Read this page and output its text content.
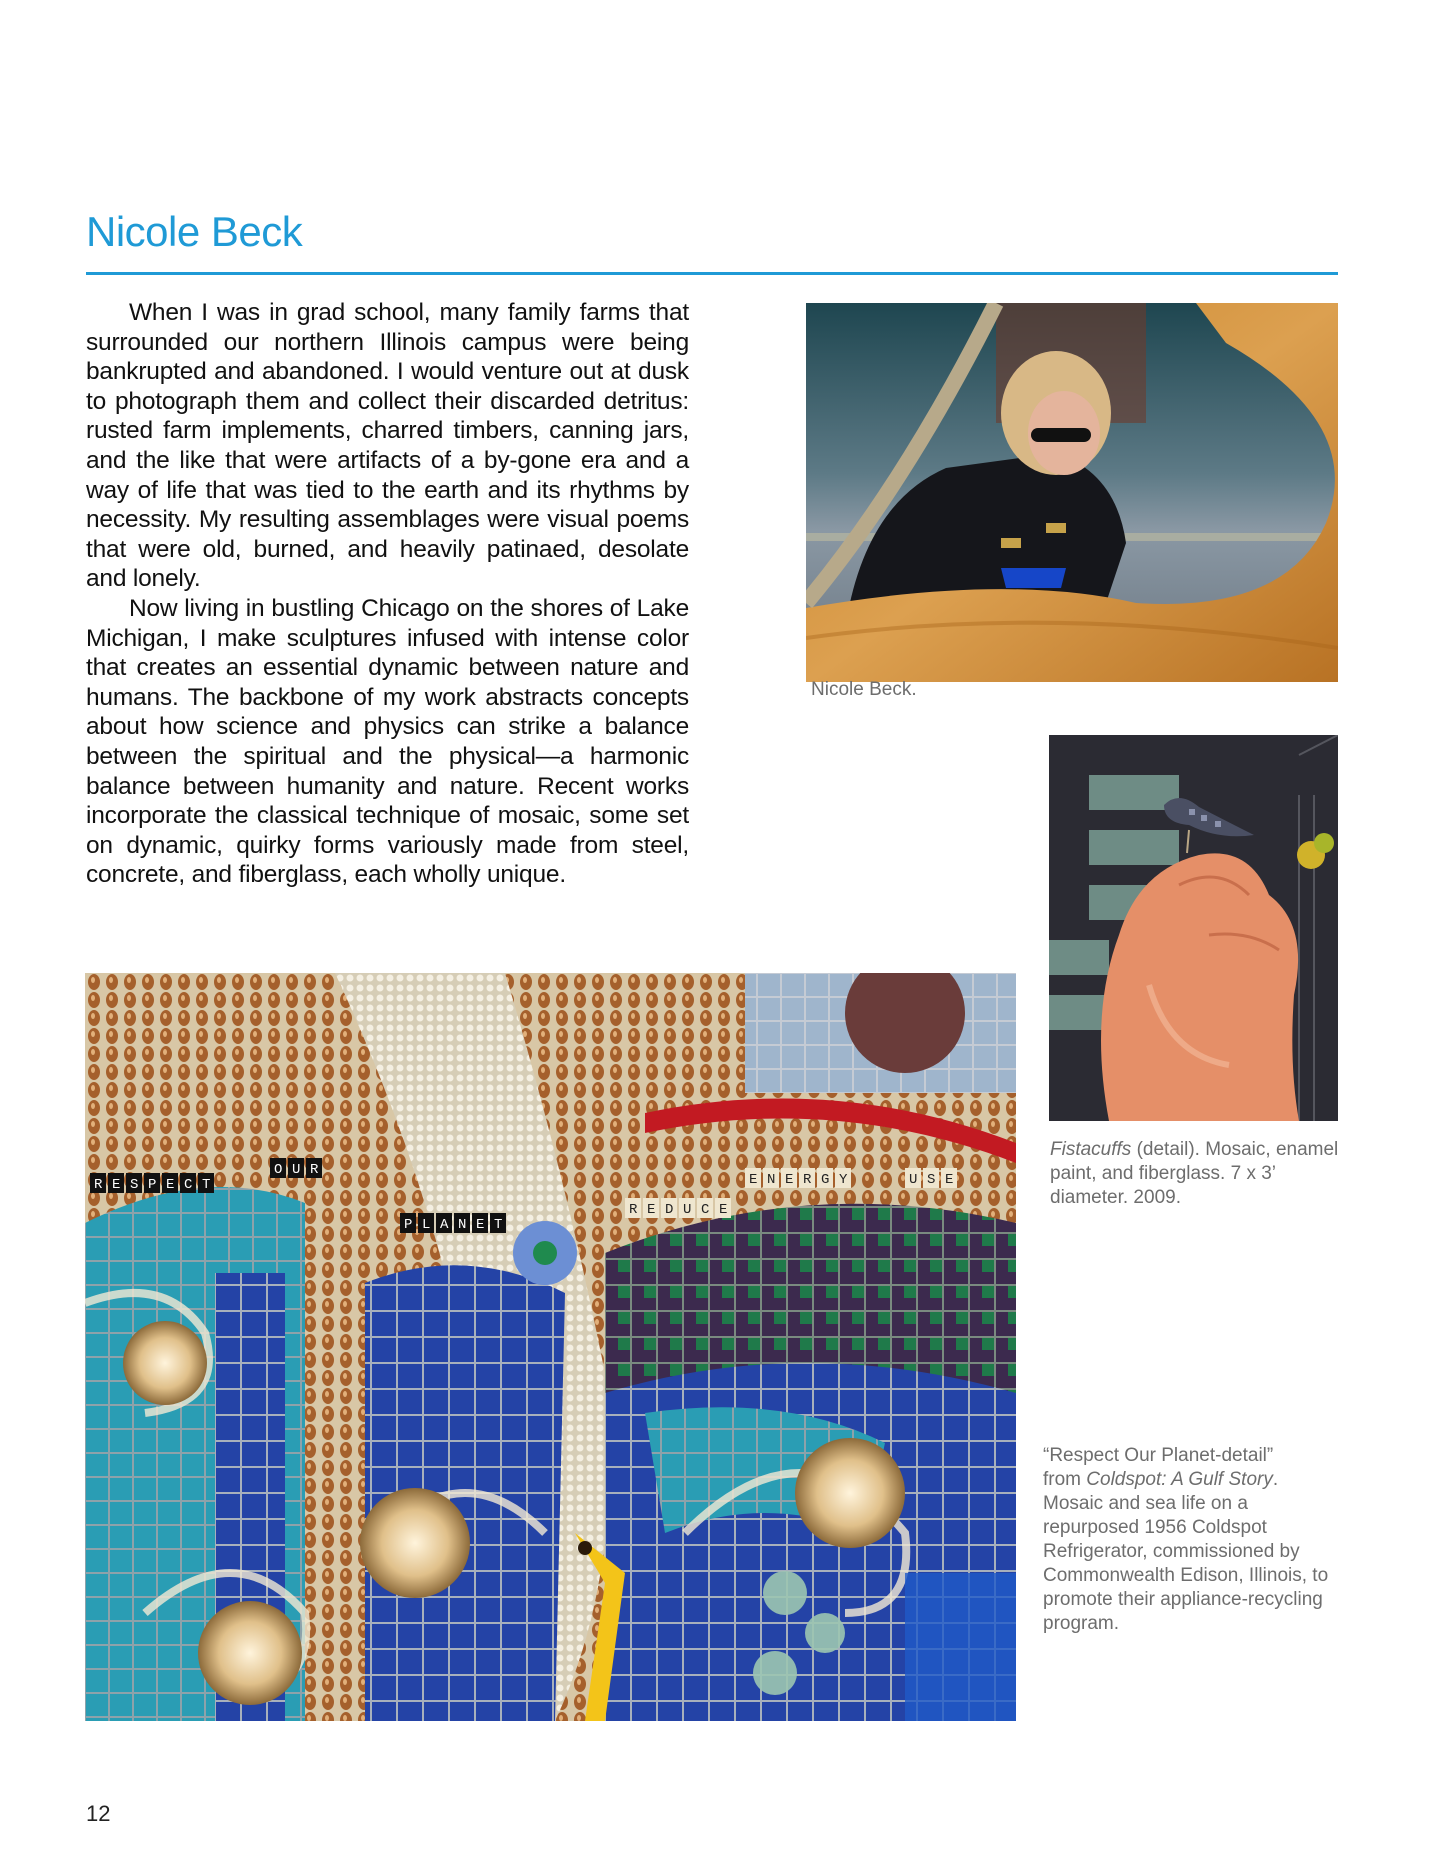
Nicole Beck

When I was in grad school, many family farms that surrounded our northern Illinois campus were being bankrupted and abandoned. I would venture out at dusk to photograph them and collect their discarded detritus: rusted farm implements, charred timbers, canning jars, and the like that were artifacts of a by-gone era and a way of life that was tied to the earth and its rhythms by necessity. My resulting assemblages were visual poems that were old, burned, and heavily patinaed, desolate and lonely.

Now living in bustling Chicago on the shores of Lake Michigan, I make sculptures infused with intense color that creates an essential dynamic between nature and humans. The backbone of my work abstracts concepts about how science and physics can strike a balance between the spiritual and the physical—a harmonic balance between humanity and nature. Recent works incorporate the classical technique of mosaic, some set on dynamic, quirky forms variously made from steel, concrete, and fiberglass, each wholly unique.

Nicole Beck.
Fistacuffs (detail). Mosaic, enamel paint, and fiberglass. 7 x 3’ diameter. 2009.
R E S P E C T
O U R
P L A N E T
R E D U C E
E N E R G Y	U S E
“Respect Our Planet-detail”
from Coldspot: A Gulf Story. Mosaic and sea life on a repurposed 1956 Coldspot Refrigerator, commissioned by Commonwealth Edison, Illinois, to promote their appliance-recycling program.
12
